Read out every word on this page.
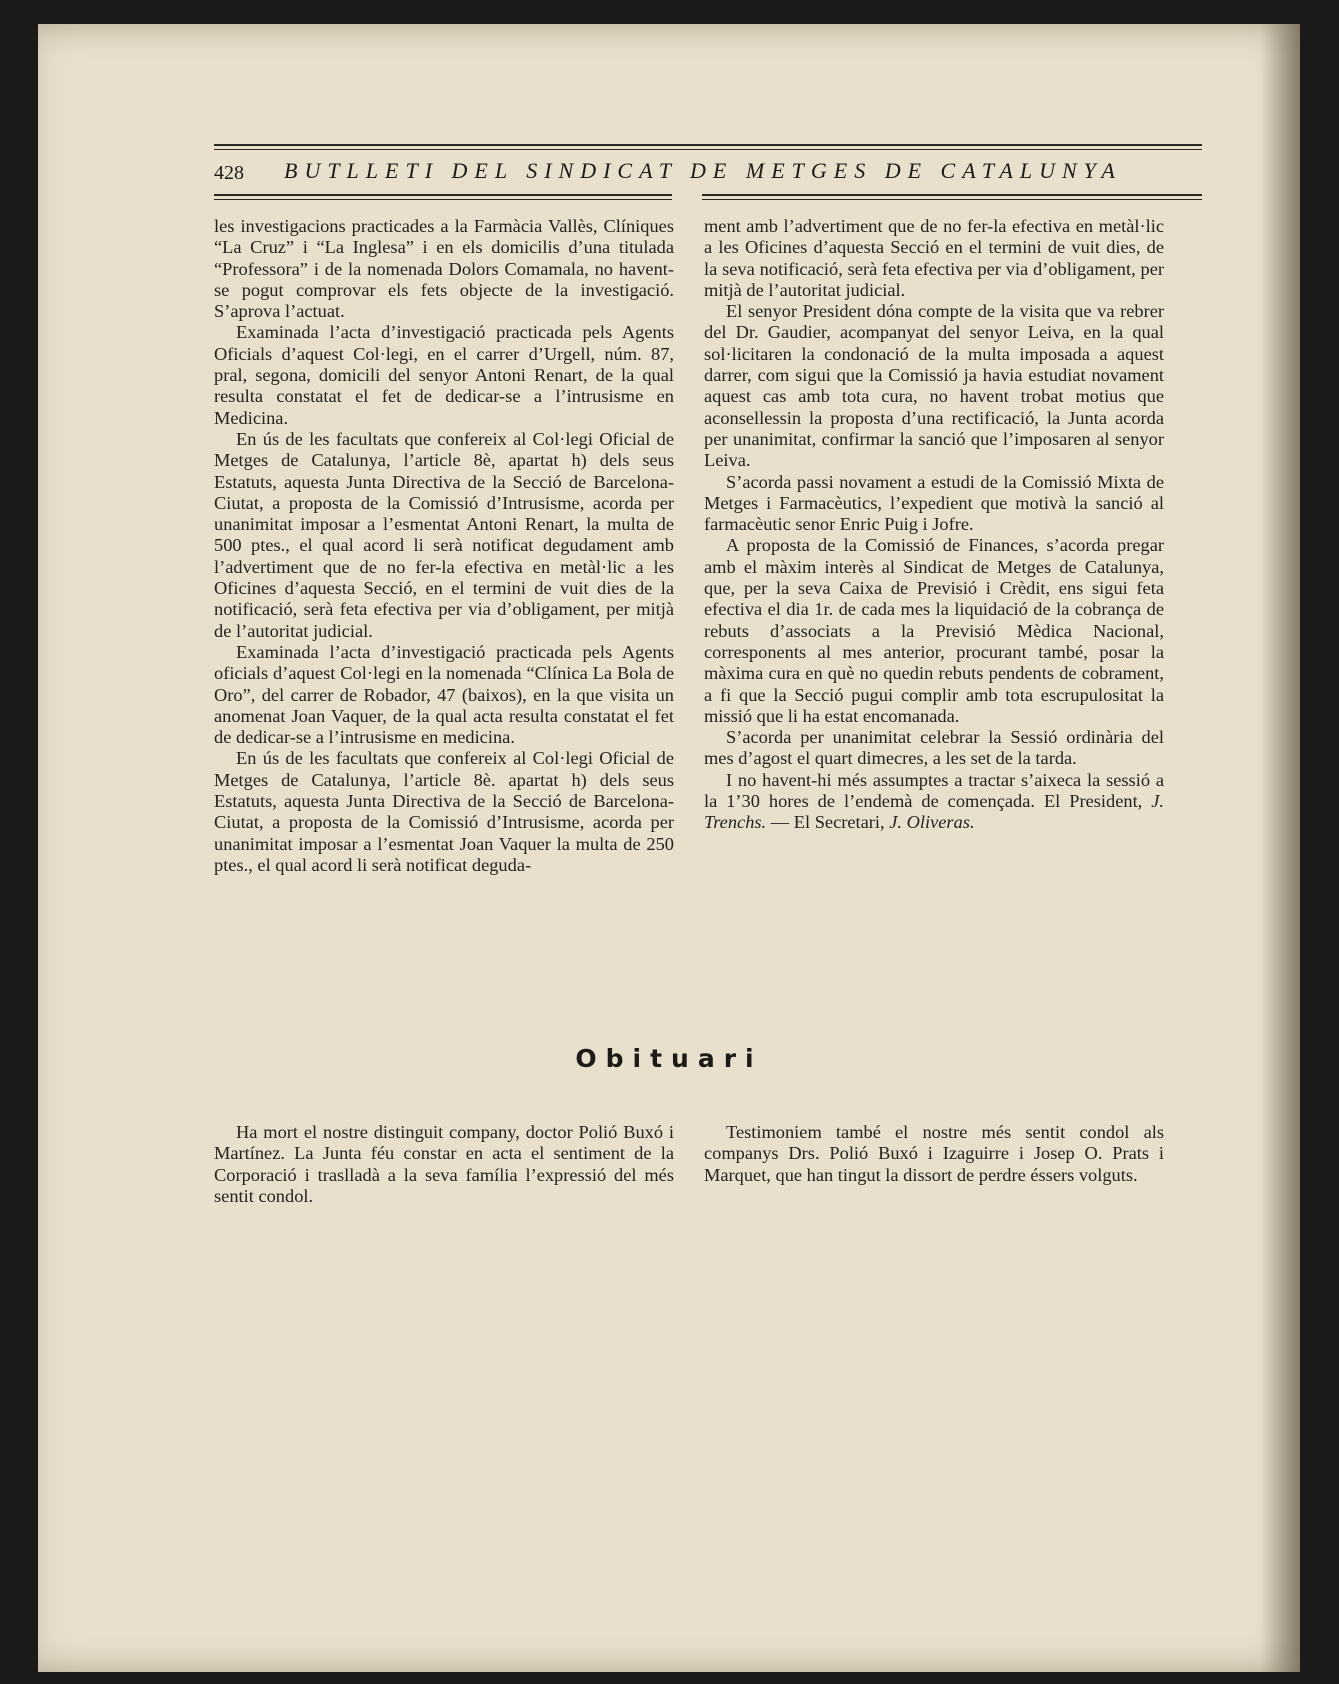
428 BUTLLETI DEL SINDICAT DE METGES DE CATALUNYA

les investigacions practicades a la Farmàcia Vallès, Clíniques “La Cruz” i “La Inglesa” i en els domicilis d’una titulada “Professora” i de la nomenada Dolors Comamala, no havent-se pogut comprovar els fets objecte de la investigació. S’aprova l’actuat.

Examinada l’acta d’investigació practicada pels Agents Oficials d’aquest Col·legi, en el carrer d’Urgell, núm. 87, pral, segona, domicili del senyor Antoni Renart, de la qual resulta constatat el fet de dedicar-se a l’intrusisme en Medicina.

En ús de les facultats que confereix al Col·legi Oficial de Metges de Catalunya, l’article 8è, apartat h) dels seus Estatuts, aquesta Junta Directiva de la Secció de Barcelona-Ciutat, a proposta de la Comissió d’Intrusisme, acorda per unanimitat imposar a l’esmentat Antoni Renart, la multa de 500 ptes., el qual acord li serà notificat degudament amb l’advertiment que de no fer-la efectiva en metàl·lic a les Oficines d’aquesta Secció, en el termini de vuit dies de la notificació, serà feta efectiva per via d’obligament, per mitjà de l’autoritat judicial.

Examinada l’acta d’investigació practicada pels Agents oficials d’aquest Col·legi en la nomenada “Clínica La Bola de Oro”, del carrer de Robador, 47 (baixos), en la que visita un anomenat Joan Vaquer, de la qual acta resulta constatat el fet de dedicar-se a l’intrusisme en medicina.

En ús de les facultats que confereix al Col·legi Oficial de Metges de Catalunya, l’article 8è. apartat h) dels seus Estatuts, aquesta Junta Directiva de la Secció de Barcelona-Ciutat, a proposta de la Comissió d’Intrusisme, acorda per unanimitat imposar a l’esmentat Joan Vaquer la multa de 250 ptes., el qual acord li serà notificat deguda-

ment amb l’advertiment que de no fer-la efectiva en metàl·lic a les Oficines d’aquesta Secció en el termini de vuit dies, de la seva notificació, serà feta efectiva per via d’obligament, per mitjà de l’autoritat judicial.

El senyor President dóna compte de la visita que va rebrer del Dr. Gaudier, acompanyat del senyor Leiva, en la qual sol·licitaren la condonació de la multa imposada a aquest darrer, com sigui que la Comissió ja havia estudiat novament aquest cas amb tota cura, no havent trobat motius que aconsellessin la proposta d’una rectificació, la Junta acorda per unanimitat, confirmar la sanció que l’imposaren al senyor Leiva.

S’acorda passi novament a estudi de la Comissió Mixta de Metges i Farmacèutics, l’expedient que motivà la sanció al farmacèutic senor Enric Puig i Jofre.

A proposta de la Comissió de Finances, s’acorda pregar amb el màxim interès al Sindicat de Metges de Catalunya, que, per la seva Caixa de Previsió i Crèdit, ens sigui feta efectiva el dia 1r. de cada mes la liquidació de la cobrança de rebuts d’associats a la Previsió Mèdica Nacional, corresponents al mes anterior, procurant també, posar la màxima cura en què no quedin rebuts pendents de cobrament, a fi que la Secció pugui complir amb tota escrupulositat la missió que li ha estat encomanada.

S’acorda per unanimitat celebrar la Sessió ordinària del mes d’agost el quart dimecres, a les set de la tarda.

I no havent-hi més assumptes a tractar s’aixeca la sessió a la 1’30 hores de l’endemà de començada. El President, J. Trenchs. — El Secretari, J. Oliveras.

Obituari

Ha mort el nostre distinguit company, doctor Polió Buxó i Martínez. La Junta féu constar en acta el sentiment de la Corporació i traslladà a la seva família l’expressió del més sentit condol.

Testimoniem també el nostre més sentit condol als companys Drs. Polió Buxó i Izaguirre i Josep O. Prats i Marquet, que han tingut la dissort de perdre éssers volguts.
